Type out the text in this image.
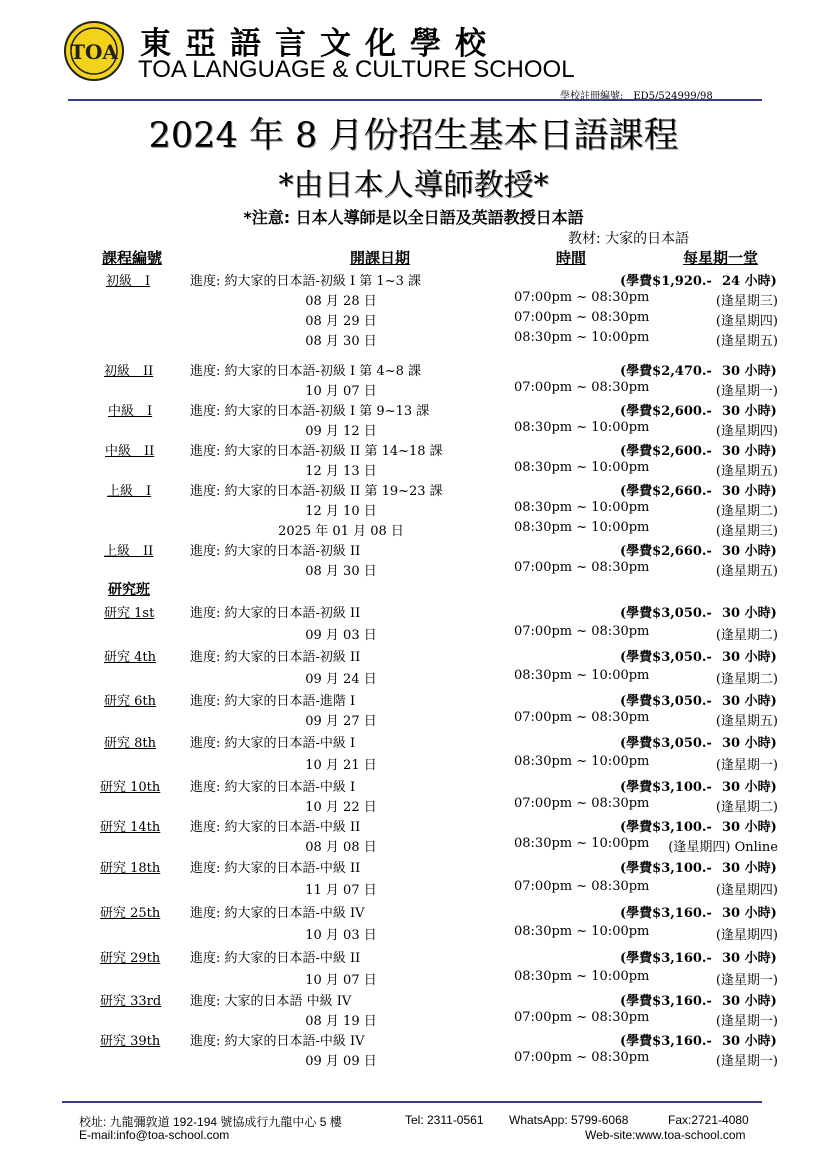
TOA 東亞語言文化學校
TOA LANGUAGE & CULTURE SCHOOL
學校註冊編號:　ED5/524999/98
2024 年 8 月份招生基本日語課程
*由日本人導師教授*
*注意: 日本人導師是以全日語及英語教授日本語
教材: 大家的日本語
課程編號	開課日期	時間	每星期一堂
初級　I	進度: 約大家的日本語-初級 I 第 1~3 課	(學費$1,920.- 24 小時)
08 月 28 日	07:00pm ~ 08:30pm	(逢星期三)
08 月 29 日	07:00pm ~ 08:30pm	(逢星期四)
08 月 30 日	08:30pm ~ 10:00pm	(逢星期五)
初級　II	進度: 約大家的日本語-初級 I 第 4~8 課	(學費$2,470.- 30 小時)
10 月 07 日	07:00pm ~ 08:30pm	(逢星期一)
中級　I	進度: 約大家的日本語-初級 I 第 9~13 課	(學費$2,600.- 30 小時)
09 月 12 日	08:30pm ~ 10:00pm	(逢星期四)
中級　II	進度: 約大家的日本語-初級 II 第 14~18 課	(學費$2,600.- 30 小時)
12 月 13 日	08:30pm ~ 10:00pm	(逢星期五)
上級　I	進度: 約大家的日本語-初級 II 第 19~23 課	(學費$2,660.- 30 小時)
12 月 10 日	08:30pm ~ 10:00pm	(逢星期二)
2025 年 01 月 08 日	08:30pm ~ 10:00pm	(逢星期三)
上級　II	進度: 約大家的日本語-初級 II	(學費$2,660.- 30 小時)
08 月 30 日	07:00pm ~ 08:30pm	(逢星期五)
研究班
研究 1st	進度: 約大家的日本語-初級 II	(學費$3,050.- 30 小時)
09 月 03 日	07:00pm ~ 08:30pm	(逢星期二)
研究 4th	進度: 約大家的日本語-初級 II	(學費$3,050.- 30 小時)
09 月 24 日	08:30pm ~ 10:00pm	(逢星期二)
研究 6th	進度: 約大家的日本語-進階 I	(學費$3,050.- 30 小時)
09 月 27 日	07:00pm ~ 08:30pm	(逢星期五)
研究 8th	進度: 約大家的日本語-中級 I	(學費$3,050.- 30 小時)
10 月 21 日	08:30pm ~ 10:00pm	(逢星期一)
研究 10th 進度: 約大家的日本語-中級 I	(學費$3,100.- 30 小時)
10 月 22 日	07:00pm ~ 08:30pm	(逢星期二)
研究 14th 進度: 約大家的日本語-中級 II	(學費$3,100.- 30 小時)
08 月 08 日	08:30pm ~ 10:00pm (逢星期四) Online
研究 18th 進度: 約大家的日本語-中級 II	(學費$3,100.- 30 小時)
11 月 07 日	07:00pm ~ 08:30pm	(逢星期四)
研究 25th 進度: 約大家的日本語-中級 IV	(學費$3,160.- 30 小時)
10 月 03 日	08:30pm ~ 10:00pm	(逢星期四)
研究 29th 進度: 約大家的日本語-中級 II	(學費$3,160.- 30 小時)
10 月 07 日	08:30pm ~ 10:00pm	(逢星期一)
研究 33rd 進度: 大家的日本語 中級 IV	(學費$3,160.- 30 小時)
08 月 19 日	07:00pm ~ 08:30pm	(逢星期一)
研究 39th 進度: 約大家的日本語-中級 IV	(學費$3,160.- 30 小時)
09 月 09 日	07:00pm ~ 08:30pm	(逢星期一)
校址: 九龍彌敦道 192-194 號協成行九龍中心 5 樓	Tel: 2311-0561 WhatsApp: 5799-6068	Fax:2721-4080
E-mail:info@toa-school.com	Web-site:www.toa-school.com
